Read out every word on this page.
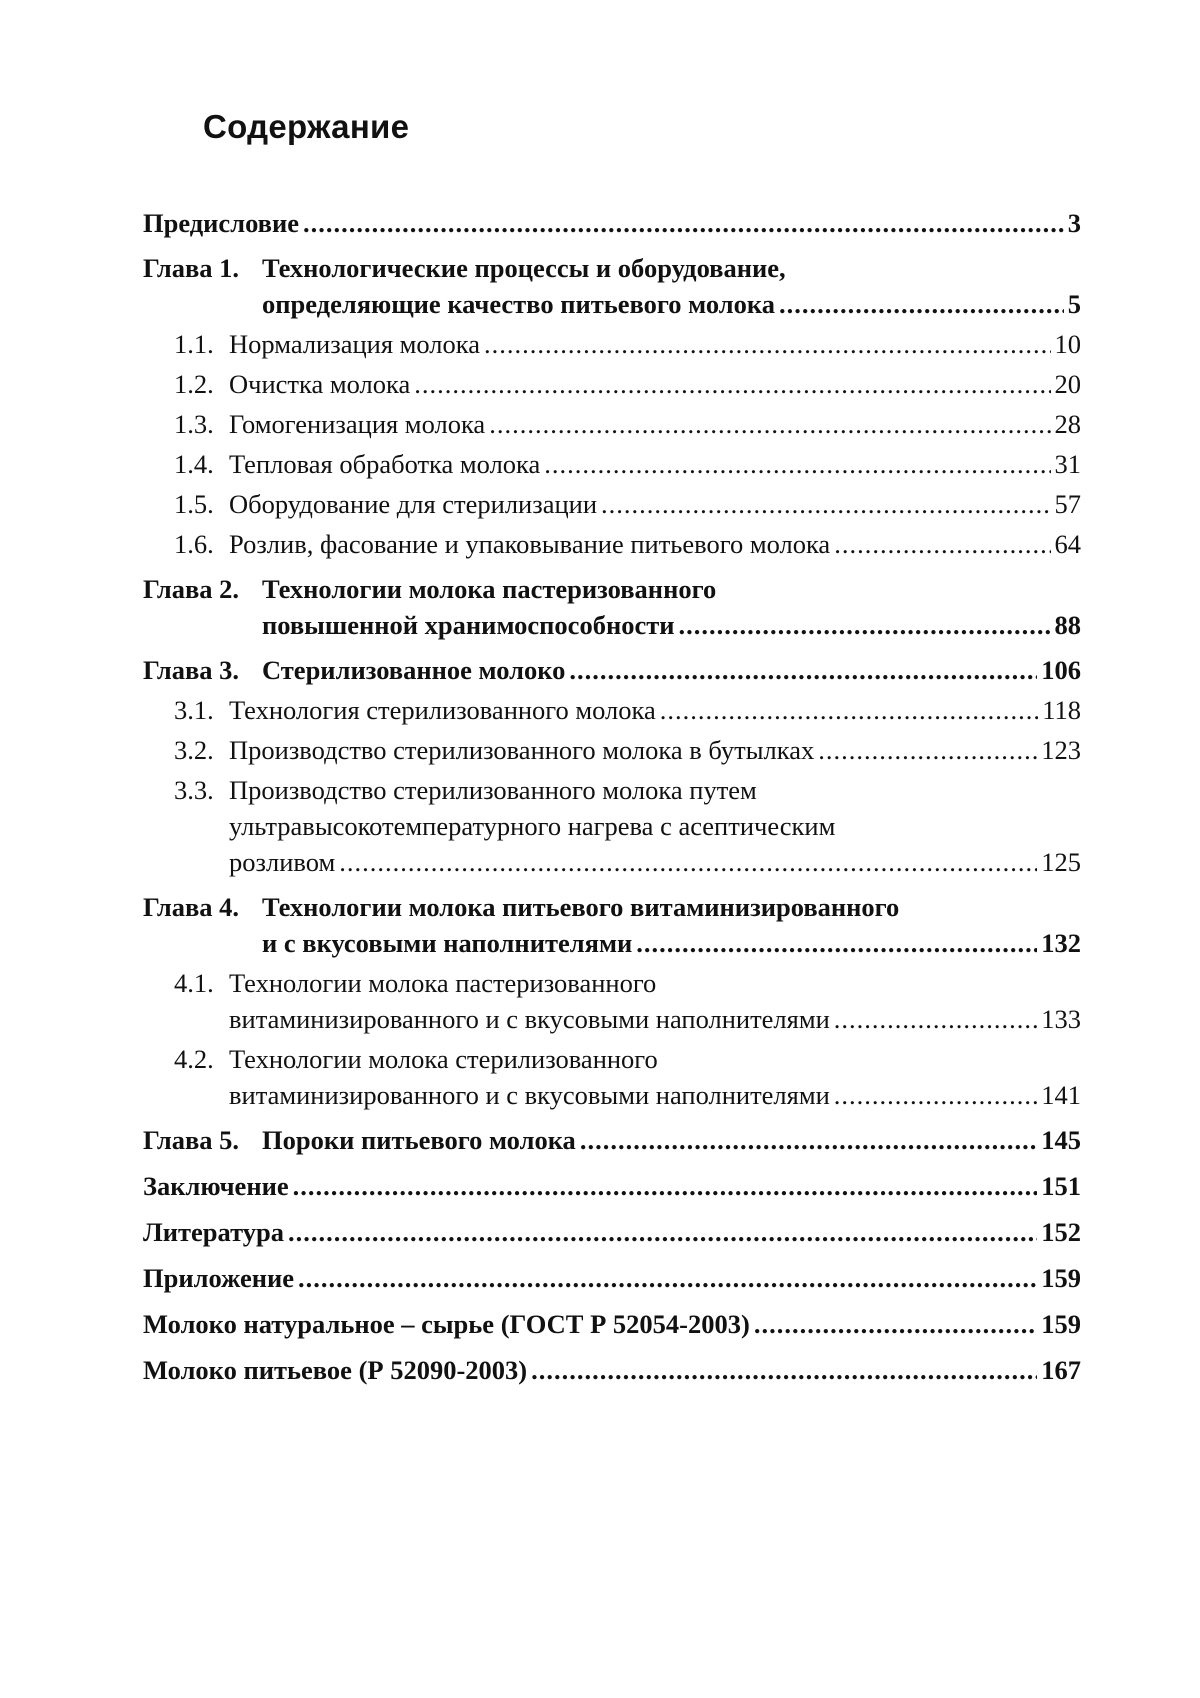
Содержание
Предисловие .....	3
Глава 1. Технологические процессы и оборудование,
определяющие качество питьевого молока .....	5
1.1. Нормализация молока .....	10
1.2. Очистка молока .....	20
1.3. Гомогенизация молока .....	28
1.4. Тепловая обработка молока .....	31
1.5. Оборудование для стерилизации .....	57
1.6. Розлив, фасование и упаковывание питьевого молока .....	64
Глава 2. Технологии молока пастеризованного
повышенной хранимоспособности .....	88
Глава 3. Стерилизованное молоко .....	106
3.1. Технология стерилизованного молока .....	118
3.2. Производство стерилизованного молока в бутылках .....	123
3.3. Производство стерилизованного молока путем
ультравысокотемпературного нагрева с асептическим
розливом .....	125
Глава 4. Технологии молока питьевого витаминизированного
и с вкусовыми наполнителями .....	132
4.1. Технологии молока пастеризованного
витаминизированного и с вкусовыми наполнителями .....	133
4.2. Технологии молока стерилизованного
витаминизированного и с вкусовыми наполнителями .....	141
Глава 5. Пороки питьевого молока .....	145
Заключение .....	151
Литература .....	152
Приложение .....	159
Молоко натуральное – сырье (ГОСТ Р 52054-2003) .....	159
Молоко питьевое (Р 52090-2003) .....	167
